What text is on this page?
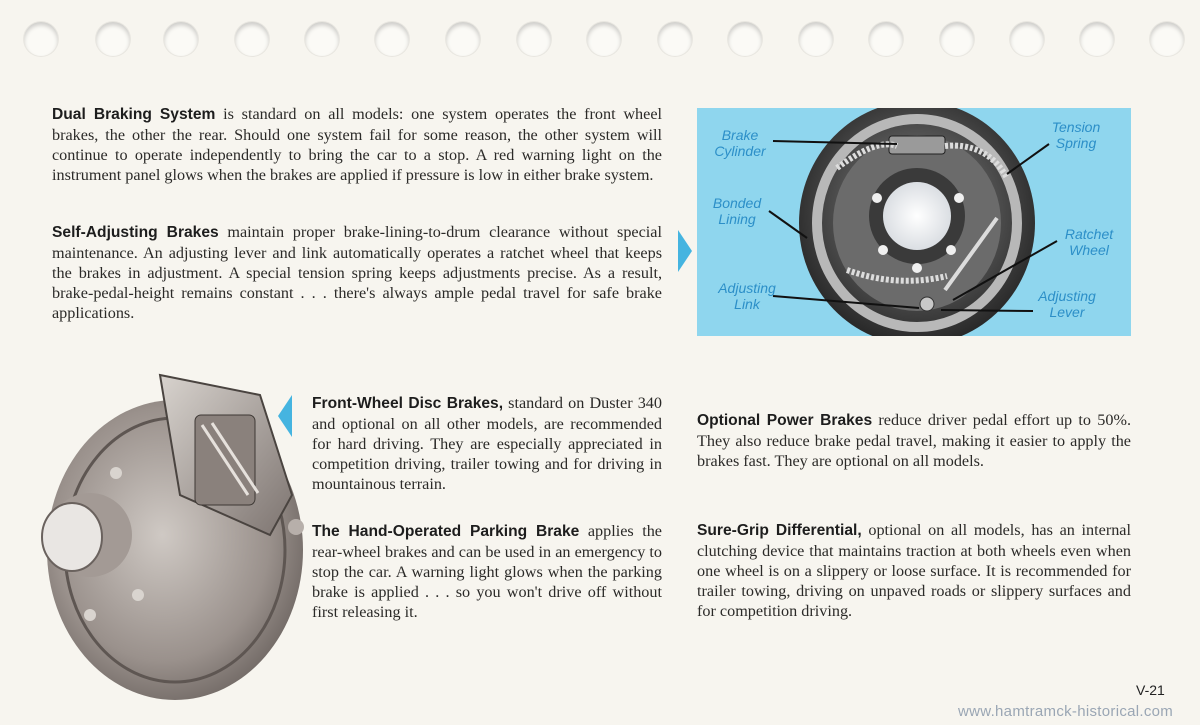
Dual Braking System is standard on all models: one system operates the front wheel brakes, the other the rear. Should one system fail for some reason, the other system will continue to operate independently to bring the car to a stop. A red warning light on the instrument panel glows when the brakes are applied if pressure is low in either brake system.
Self-Adjusting Brakes maintain proper brake-lining-to-drum clearance without special maintenance. An adjusting lever and link automatically operates a ratchet wheel that keeps the brakes in adjustment. A special tension spring keeps adjustments precise. As a result, brake-pedal-height remains constant . . . there's always ample pedal travel for safe brake applications.
Brake
Cylinder
Bonded
Lining
Adjusting
Link
Tension
Spring
Ratchet
Wheel
Adjusting
Lever
Front-Wheel Disc Brakes, standard on Duster 340 and optional on all other models, are recommended for hard driving. They are especially appreciated in competition driving, trailer towing and for driving in mountainous terrain.
The Hand-Operated Parking Brake applies the rear-wheel brakes and can be used in an emergency to stop the car. A warning light glows when the parking brake is applied . . . so you won't drive off without first releasing it.
Optional Power Brakes reduce driver pedal effort up to 50%. They also reduce brake pedal travel, making it easier to apply the brakes fast. They are optional on all models.
Sure-Grip Differential, optional on all models, has an internal clutching device that maintains traction at both wheels even when one wheel is on a slippery or loose surface. It is recommended for trailer towing, driving on unpaved roads or slippery surfaces and for competition driving.
V-21
www.hamtramck-historical.com
